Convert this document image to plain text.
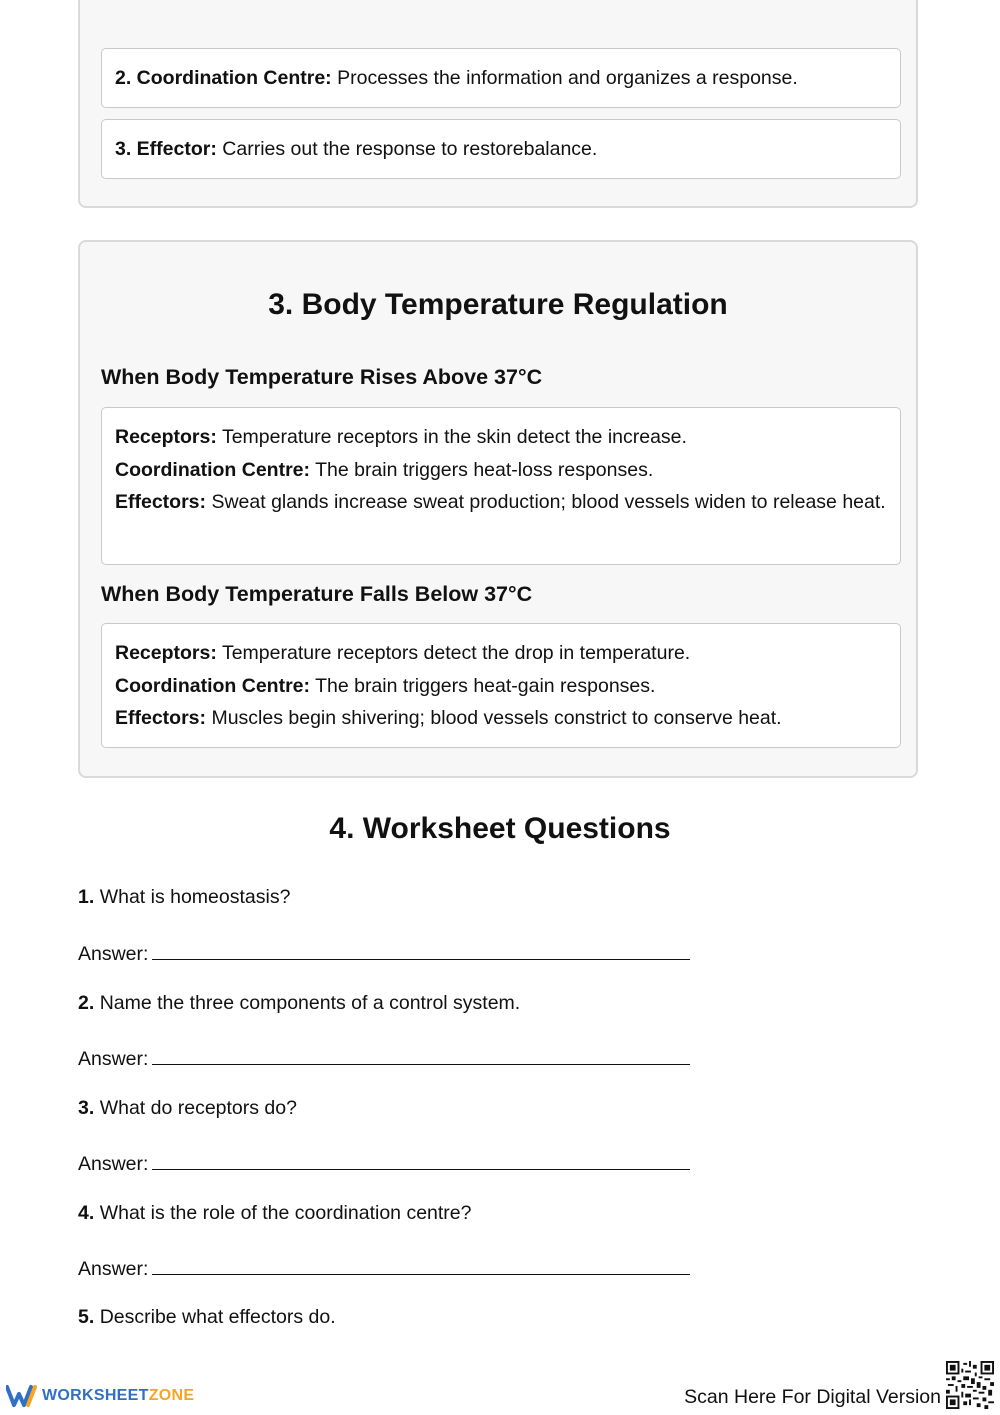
2. Coordination Centre: Processes the information and organizes a response.
3. Effector: Carries out the response to restorebalance.
3. Body Temperature Regulation
When Body Temperature Rises Above 37°C
Receptors: Temperature receptors in the skin detect the increase.
Coordination Centre: The brain triggers heat-loss responses.
Effectors: Sweat glands increase sweat production; blood vessels widen to release heat.
When Body Temperature Falls Below 37°C
Receptors: Temperature receptors detect the drop in temperature.
Coordination Centre: The brain triggers heat-gain responses.
Effectors: Muscles begin shivering; blood vessels constrict to conserve heat.
4. Worksheet Questions

1. What is homeostasis?

Answer:

2. Name the three components of a control system.

Answer:

3. What do receptors do?

Answer:

4. What is the role of the coordination centre?

Answer:

5. Describe what effectors do.

WORKSHEETZONE	Scan Here For Digital Version
